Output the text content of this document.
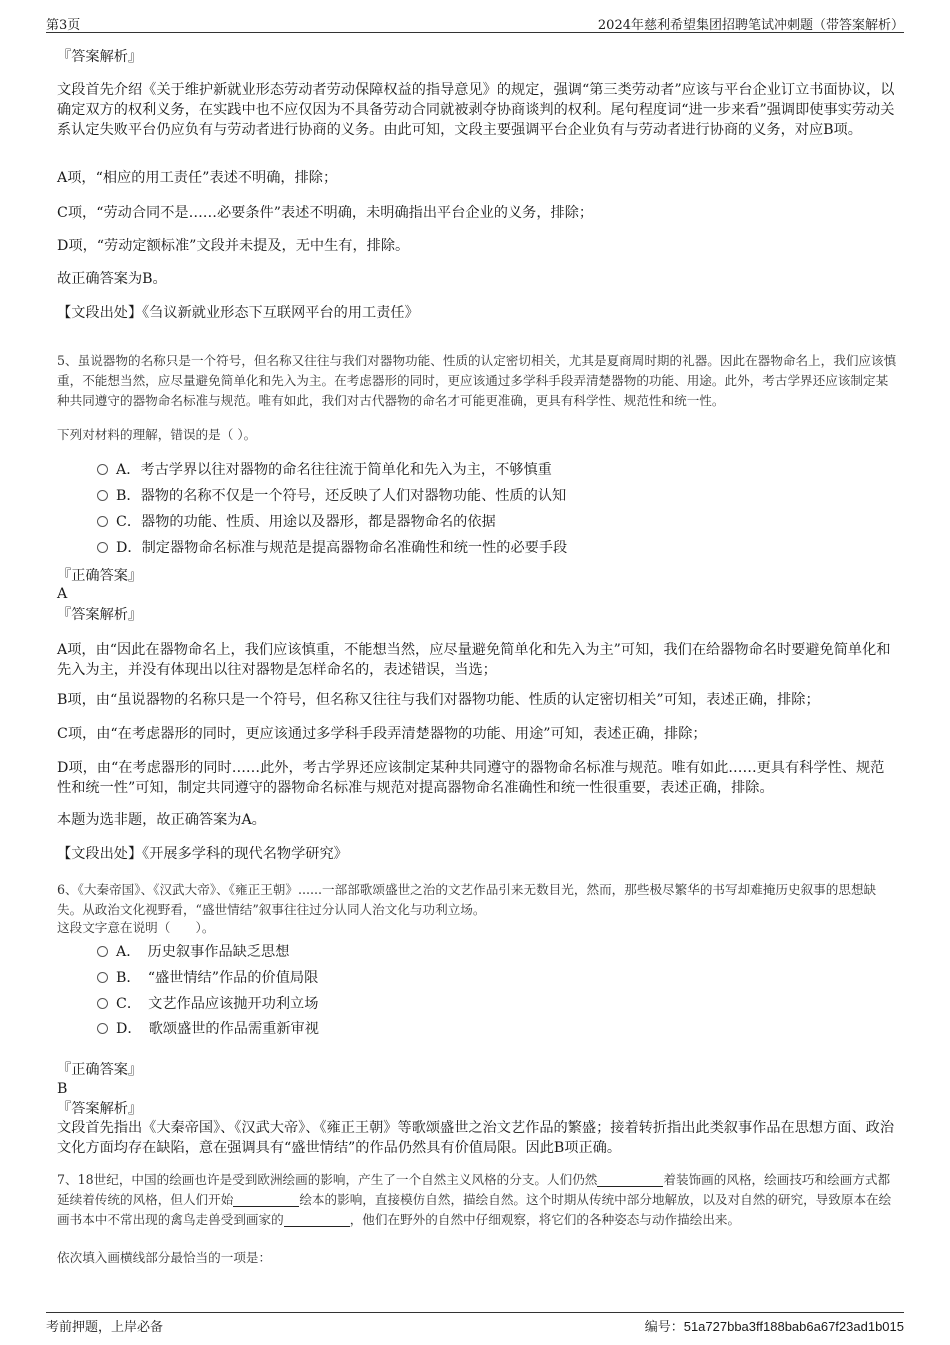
第3页	2024年慈利希望集团招聘笔试冲刺题（带答案解析）

『答案解析』

文段首先介绍《关于维护新就业形态劳动者劳动保障权益的指导意见》的规定，强调“第三类劳动者”应该与平台企业订立书面协议，以确定双方的权利义务，在实践中也不应仅因为不具备劳动合同就被剥夺协商谈判的权利。尾句程度词“进一步来看”强调即使事实劳动关系认定失败平台仍应负有与劳动者进行协商的义务。由此可知，文段主要强调平台企业负有与劳动者进行协商的义务，对应B项。

A项，“相应的用工责任”表述不明确，排除；

C项，“劳动合同不是……必要条件”表述不明确，未明确指出平台企业的义务，排除；

D项，“劳动定额标准”文段并未提及，无中生有，排除。

故正确答案为B。

【文段出处】《刍议新就业形态下互联网平台的用工责任》

5、虽说器物的名称只是一个符号，但名称又往往与我们对器物功能、性质的认定密切相关，尤其是夏商周时期的礼器。因此在器物命名上，我们应该慎重，不能想当然，应尽量避免简单化和先入为主。在考虑器形的同时，更应该通过多学科手段弄清楚器物的功能、用途。此外，考古学界还应该制定某种共同遵守的器物命名标准与规范。唯有如此，我们对古代器物的命名才可能更准确，更具有科学性、规范性和统一性。

下列对材料的理解，错误的是（ ）。

A．考古学界以往对器物的命名往往流于简单化和先入为主，不够慎重
B．器物的名称不仅是一个符号，还反映了人们对器物功能、性质的认知
C．器物的功能、性质、用途以及器形，都是器物命名的依据
D．制定器物命名标准与规范是提高器物命名准确性和统一性的必要手段

『正确答案』

A

『答案解析』

A项，由“因此在器物命名上，我们应该慎重，不能想当然，应尽量避免简单化和先入为主”可知，我们在给器物命名时要避免简单化和先入为主，并没有体现出以往对器物是怎样命名的，表述错误，当选；

B项，由“虽说器物的名称只是一个符号，但名称又往往与我们对器物功能、性质的认定密切相关”可知，表述正确，排除；

C项，由“在考虑器形的同时，更应该通过多学科手段弄清楚器物的功能、用途”可知，表述正确，排除；

D项，由“在考虑器形的同时……此外，考古学界还应该制定某种共同遵守的器物命名标准与规范。唯有如此……更具有科学性、规范性和统一性”可知，制定共同遵守的器物命名标准与规范对提高器物命名准确性和统一性很重要，表述正确，排除。

本题为选非题，故正确答案为A。

【文段出处】《开展多学科的现代名物学研究》

6、《大秦帝国》、《汉武大帝》、《雍正王朝》......一部部歌颂盛世之治的文艺作品引来无数目光，然而，那些极尽繁华的书写却难掩历史叙事的思想缺失。从政治文化视野看，“盛世情结”叙事往往过分认同人治文化与功利立场。

这段文字意在说明（　　）。

A．　历史叙事作品缺乏思想
B．　“盛世情结”作品的价值局限
C．　文艺作品应该抛开功利立场
D．　歌颂盛世的作品需重新审视

『正确答案』

B

『答案解析』

文段首先指出《大秦帝国》、《汉武大帝》、《雍正王朝》等歌颂盛世之治文艺作品的繁盛；接着转折指出此类叙事作品在思想方面、政治文化方面均存在缺陷，意在强调具有“盛世情结”的作品仍然具有价值局限。因此B项正确。

7、18世纪，中国的绘画也许是受到欧洲绘画的影响，产生了一个自然主义风格的分支。人们仍然	着装饰画的风格，绘画技巧和绘画方式都延续着传统的风格，但人们开始	绘本的影响，直接模仿自然，描绘自然。这个时期从传统中部分地解放，以及对自然的研究，导致原本在绘画书本中不常出现的禽鸟走兽受到画家的	，他们在野外的自然中仔细观察，将它们的各种姿态与动作描绘出来。

依次填入画横线部分最恰当的一项是：

考前押题，上岸必备	编号：51a727bba3ff188bab6a67f23ad1b015
